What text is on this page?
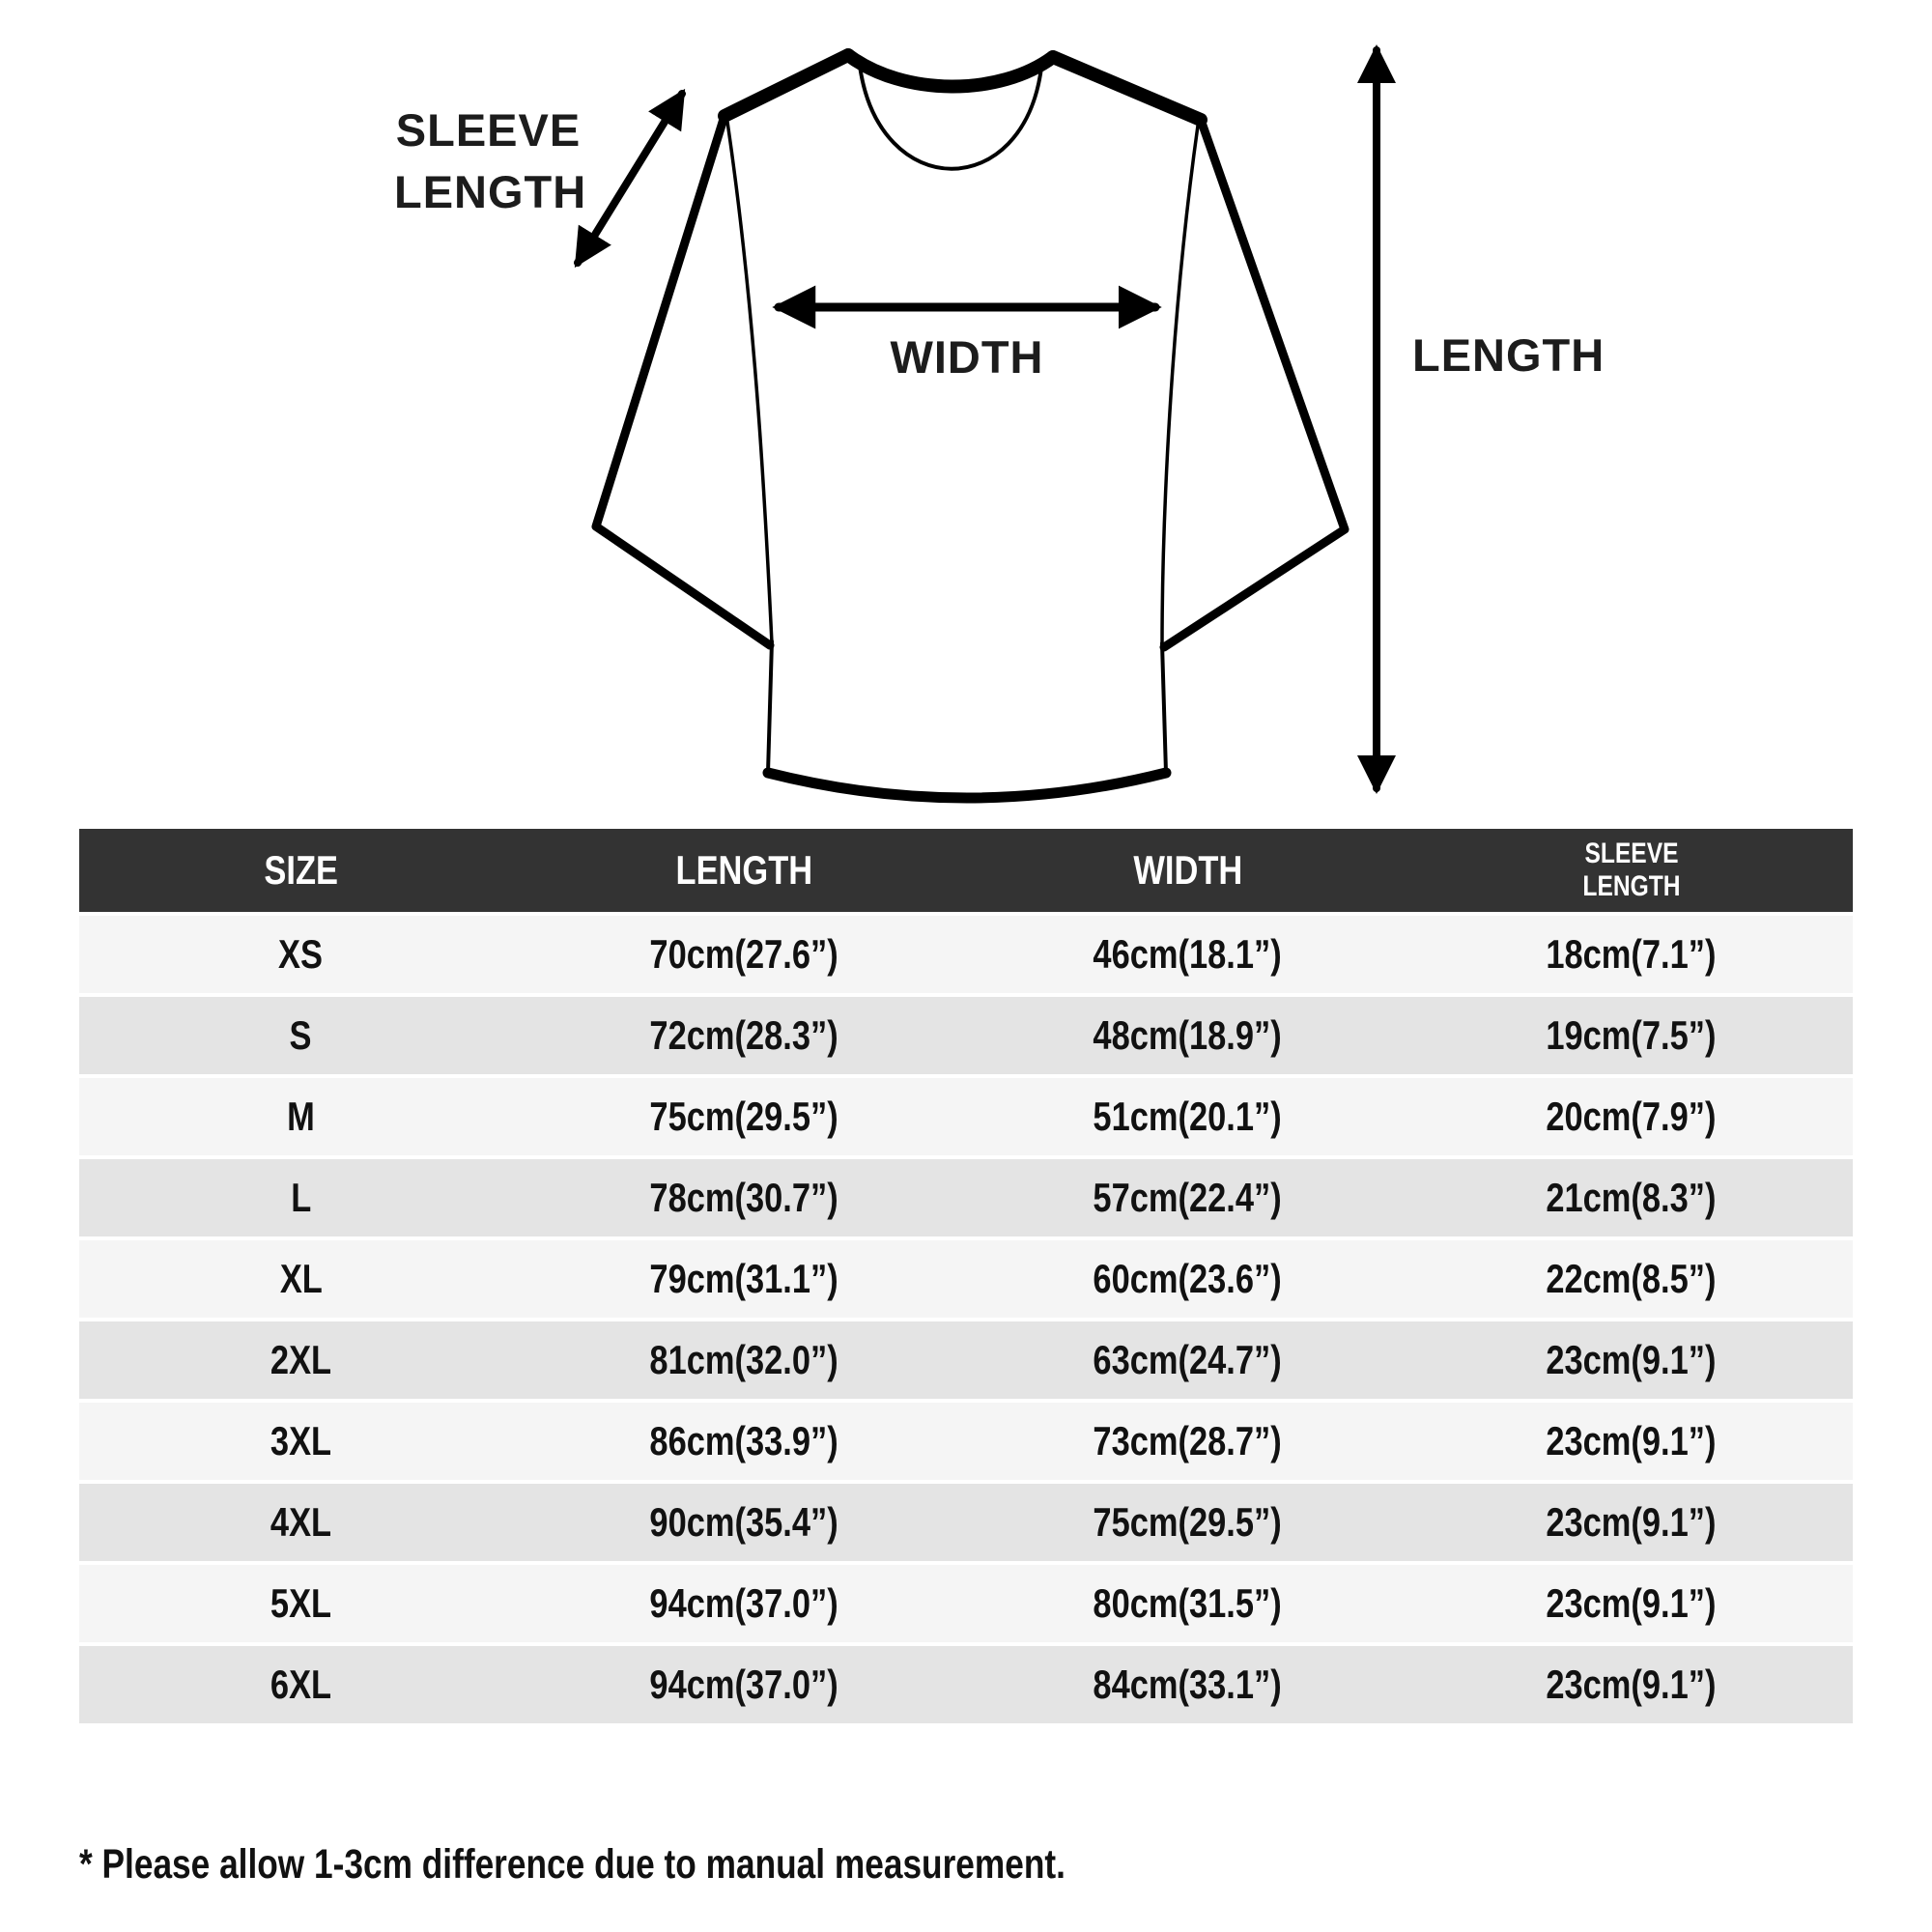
SLEEVE
LENGTH
WIDTH	LENGTH
SIZE	LENGTH	WIDTH	SLEEVE LENGTH
XS	70cm(27.6”)	46cm(18.1”)	18cm(7.1”)
S	72cm(28.3”)	48cm(18.9”)	19cm(7.5”)
M	75cm(29.5”)	51cm(20.1”)	20cm(7.9”)
L	78cm(30.7”)	57cm(22.4”)	21cm(8.3”)
XL	79cm(31.1”)	60cm(23.6”)	22cm(8.5”)
2XL	81cm(32.0”)	63cm(24.7”)	23cm(9.1”)
3XL	86cm(33.9”)	73cm(28.7”)	23cm(9.1”)
4XL	90cm(35.4”)	75cm(29.5”)	23cm(9.1”)
5XL	94cm(37.0”)	80cm(31.5”)	23cm(9.1”)
6XL	94cm(37.0”)	84cm(33.1”)	23cm(9.1”)
* Please allow 1-3cm difference due to manual measurement.
